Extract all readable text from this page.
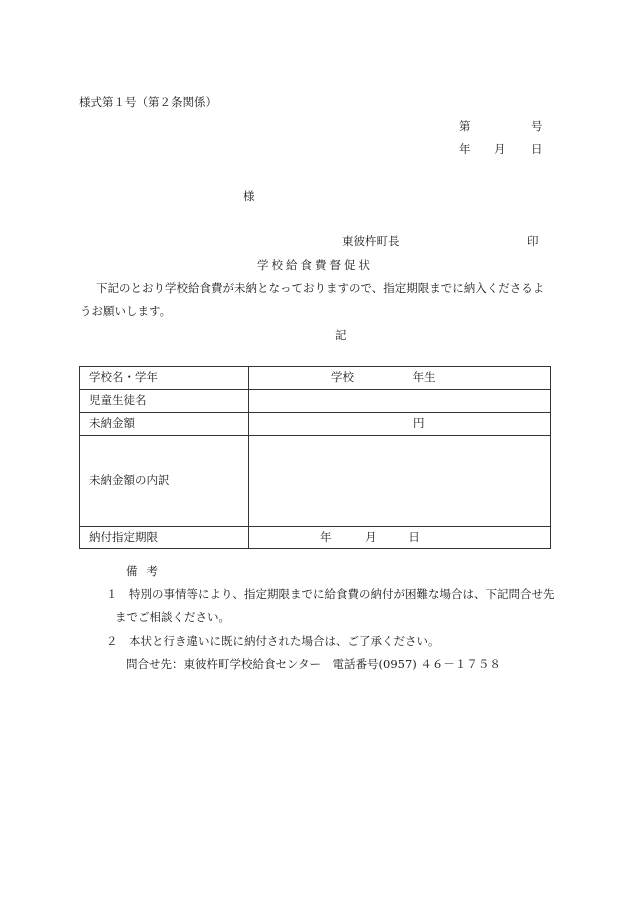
様式第１号（第２条関係）
第	号
年 月 日
様
東彼杵町長	印
学校給食費督促状
下記のとおり学校給食費が未納となっておりますので、指定期限までに納入くださるよ
うお願いします。
記
学校名・学年	学校 年生
児童生徒名	
未納金額	円
未納金額の内訳	
納付指定期限	年 月 日
備考
１　特別の事情等により、指定期限までに給食費の納付が困難な場合は、下記問合せ先
までご相談ください。
２　本状と行き違いに既に納付された場合は、ご了承ください。
問合せ先：東彼杵町学校給食センター　電話番号(0957) ４６－１７５８
